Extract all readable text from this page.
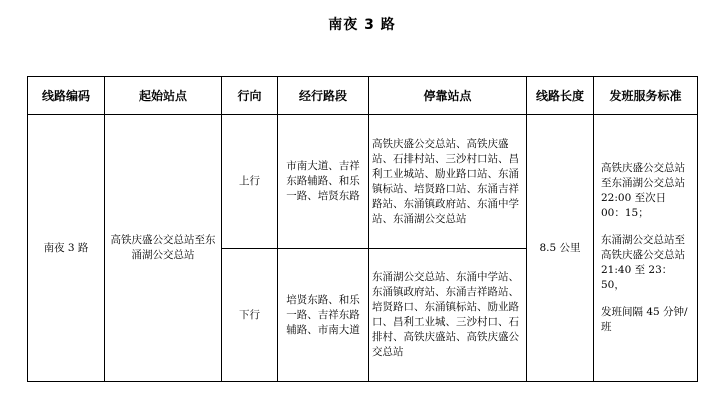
南夜 3 路
线路编码	起始站点	行向	经行路段	停靠站点	线路长度	发班服务标准
南夜 3 路	高铁庆盛公交总站至东涌湖公交总站	上行	市南大道、吉祥东路辅路、和乐一路、培贤东路	高铁庆盛公交总站、高铁庆盛站、石排村站、三沙村口站、昌利工业城站、励业路口站、东涌镇标站、培贤路口站、东涌吉祥路站、东涌镇政府站、东涌中学站、东涌湖公交总站	8.5 公里	高铁庆盛公交总站至东涌湖公交总站 22:00 至次日 00：15；

东涌湖公交总站至高铁庆盛公交总站 21:40 至 23：50，

发班间隔 45 分钟/班

		下行	培贤东路、和乐一路、吉祥东路辅路、市南大道	东涌湖公交总站、东涌中学站、东涌镇政府站、东涌吉祥路站、培贤路口、东涌镇标站、励业路口、昌利工业城、三沙村口、石排村、高铁庆盛站、高铁庆盛公交总站		
